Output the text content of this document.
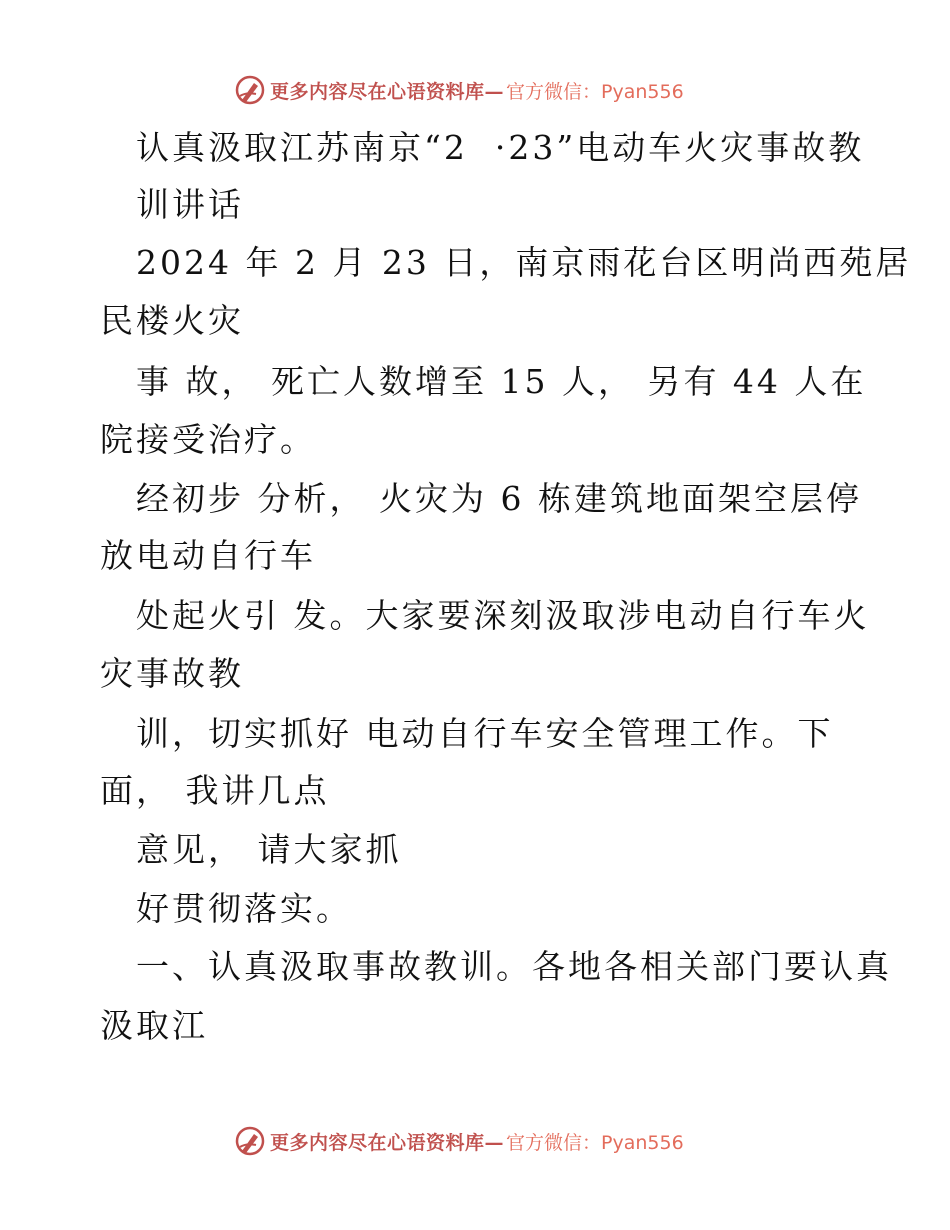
更多内容尽在心语资料库— 官方微信：Pyan556
认真汲取江苏南京“2  ·23”电动车火灾事故教
训讲话
2024 年 2 月 23 日，南京雨花台区明尚西苑居
民楼火灾
事 故， 死亡人数增至 15 人， 另有 44 人在
院接受治疗。
经初步 分析， 火灾为 6 栋建筑地面架空层停
放电动自行车
处起火引 发。大家要深刻汲取涉电动自行车火
灾事故教
训，切实抓好 电动自行车安全管理工作。下
面， 我讲几点
意见， 请大家抓
好贯彻落实。
一、认真汲取事故教训。各地各相关部门要认真
汲取江
更多内容尽在心语资料库— 官方微信：Pyan556
